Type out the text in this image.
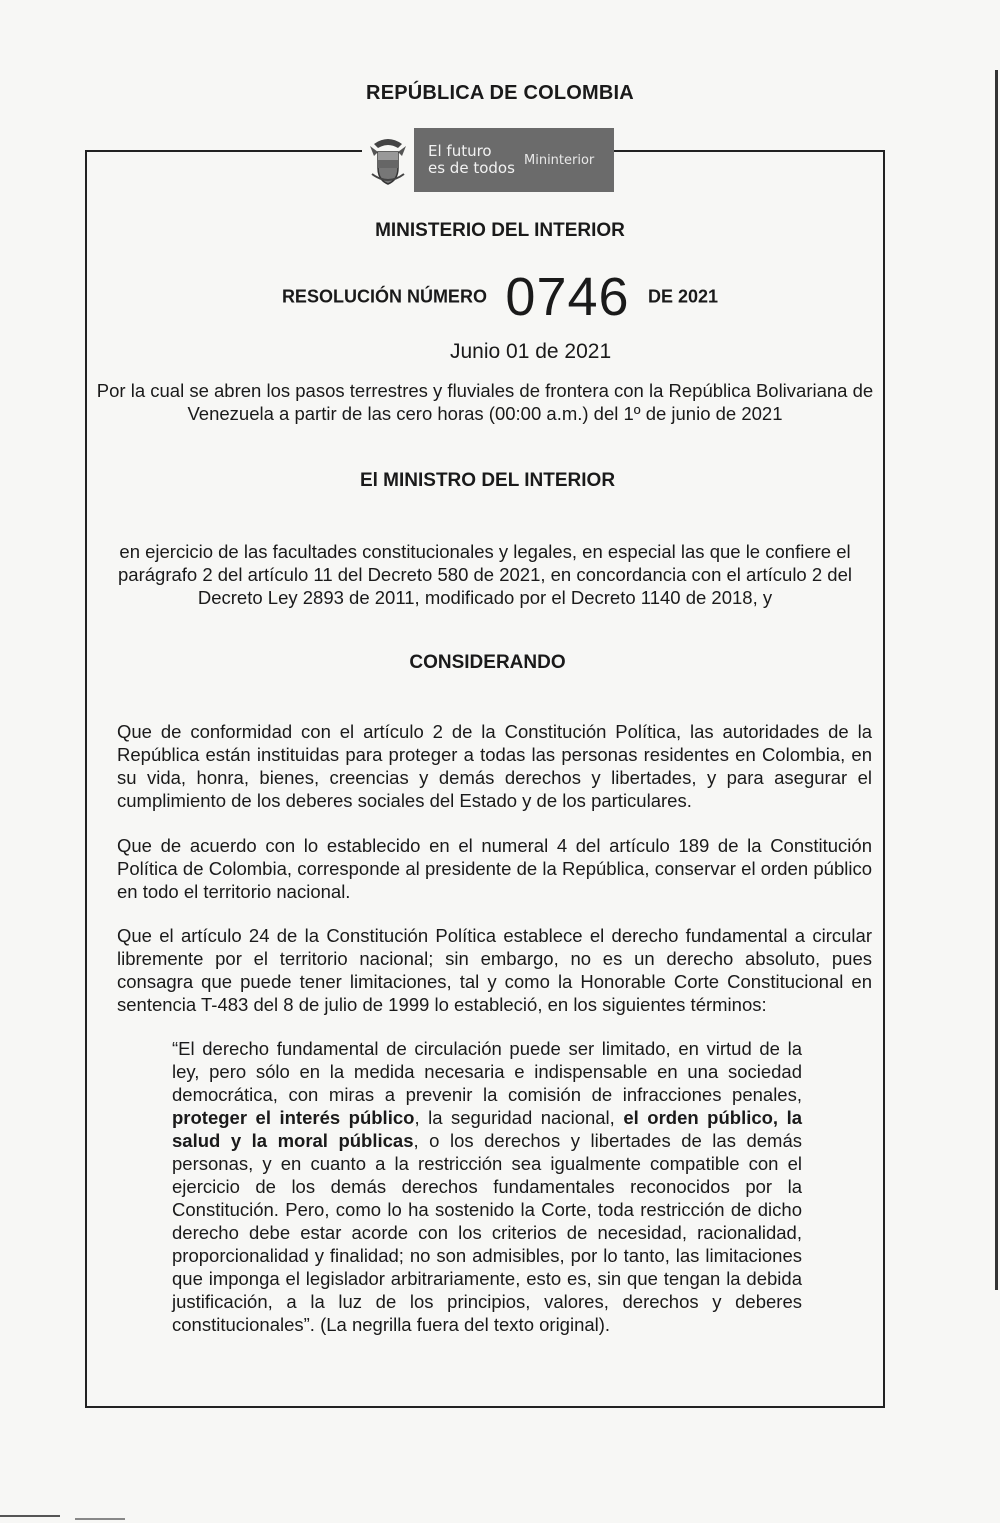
REPÚBLICA DE COLOMBIA
El futuro
es de todos Mininterior
MINISTERIO DEL INTERIOR
RESOLUCIÓN NÚMERO 0746 DE 2021
Junio 01 de 2021
Por la cual se abren los pasos terrestres y fluviales de frontera con la República Bolivariana de Venezuela a partir de las cero horas (00:00 a.m.) del 1º de junio de 2021
El MINISTRO DEL INTERIOR
en ejercicio de las facultades constitucionales y legales, en especial las que le confiere el parágrafo 2 del artículo 11 del Decreto 580 de 2021, en concordancia con el artículo 2 del Decreto Ley 2893 de 2011, modificado por el Decreto 1140 de 2018, y
CONSIDERANDO

Que de conformidad con el artículo 2 de la Constitución Política, las autoridades de la República están instituidas para proteger a todas las personas residentes en Colombia, en su vida, honra, bienes, creencias y demás derechos y libertades, y para asegurar el cumplimiento de los deberes sociales del Estado y de los particulares.

Que de acuerdo con lo establecido en el numeral 4 del artículo 189 de la Constitución Política de Colombia, corresponde al presidente de la República, conservar el orden público en todo el territorio nacional.

Que el artículo 24 de la Constitución Política establece el derecho fundamental a circular libremente por el territorio nacional; sin embargo, no es un derecho absoluto, pues consagra que puede tener limitaciones, tal y como la Honorable Corte Constitucional en sentencia T-483 del 8 de julio de 1999 lo estableció, en los siguientes términos:

“El derecho fundamental de circulación puede ser limitado, en virtud de la ley, pero sólo en la medida necesaria e indispensable en una sociedad democrática, con miras a prevenir la comisión de infracciones penales, proteger el interés público, la seguridad nacional, el orden público, la salud y la moral públicas, o los derechos y libertades de las demás personas, y en cuanto a la restricción sea igualmente compatible con el ejercicio de los demás derechos fundamentales reconocidos por la Constitución. Pero, como lo ha sostenido la Corte, toda restricción de dicho derecho debe estar acorde con los criterios de necesidad, racionalidad, proporcionalidad y finalidad; no son admisibles, por lo tanto, las limitaciones que imponga el legislador arbitrariamente, esto es, sin que tengan la debida justificación, a la luz de los principios, valores, derechos y deberes constitucionales”. (La negrilla fuera del texto original).
